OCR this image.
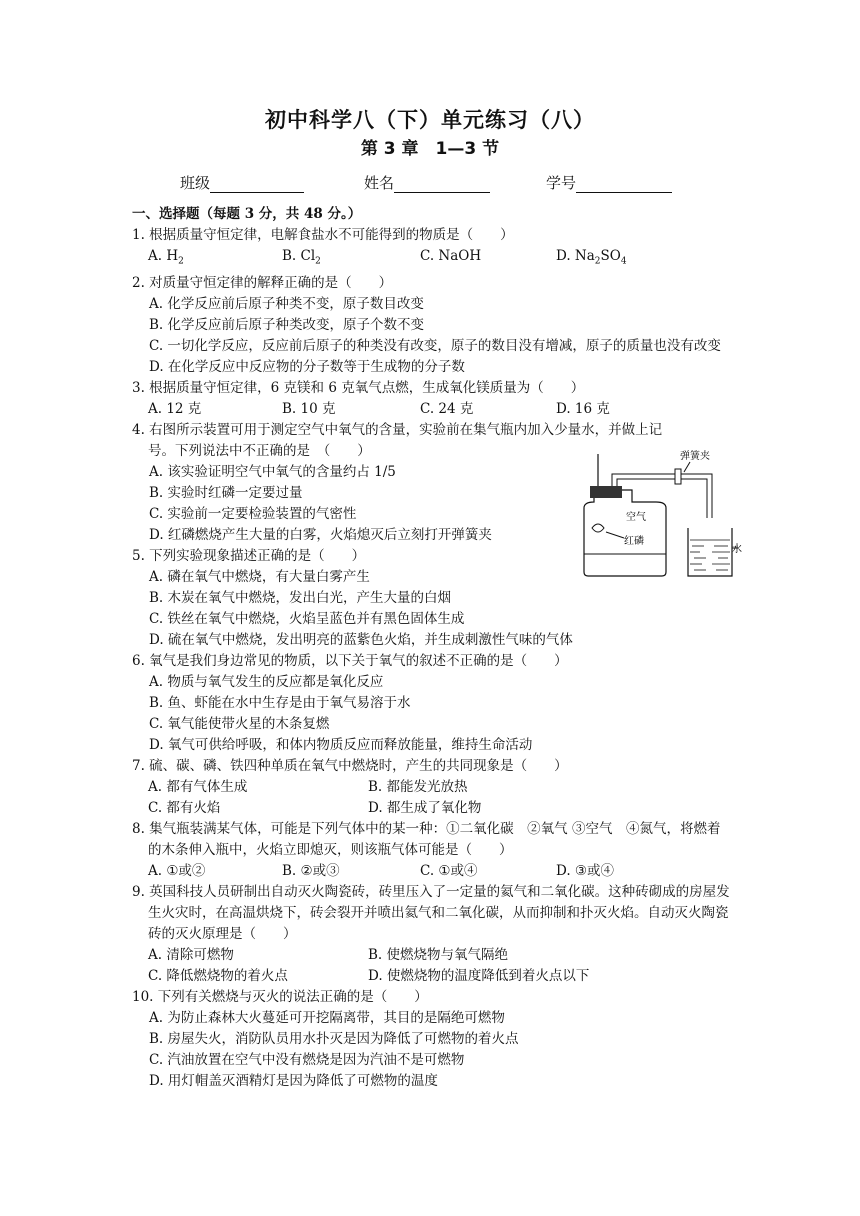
初中科学八（下）单元练习（八）
第 3 章　1—3 节
班级	姓名	学号
一、选择题（每题 3 分，共 48 分。）
1. 根据质量守恒定律，电解食盐水不可能得到的物质是（　　）
A. $H_2$	B. $Cl_2$	C. NaOH	D. $Na_2SO_4$
2. 对质量守恒定律的解释正确的是（　　）
A. 化学反应前后原子种类不变，原子数目改变
B. 化学反应前后原子种类改变，原子个数不变
C. 一切化学反应，反应前后原子的种类没有改变，原子的数目没有增减，原子的质量也没有改变
D. 在化学反应中反应物的分子数等于生成物的分子数
3. 根据质量守恒定律，6 克镁和 6 克氧气点燃，生成氧化镁质量为（　　）
A. 12 克	B. 10 克	C. 24 克	D. 16 克
4. 右图所示装置可用于测定空气中氧气的含量，实验前在集气瓶内加入少量水，并做上记
号。下列说法中不正确的是　（　　）
A. 该实验证明空气中氧气的含量约占 1/5
B. 实验时红磷一定要过量
C. 实验前一定要检验装置的气密性
D. 红磷燃烧产生大量的白雾，火焰熄灭后立刻打开弹簧夹
弹簧夹
空气
红磷
水
5. 下列实验现象描述正确的是（　　）
A. 磷在氧气中燃烧，有大量白雾产生
B. 木炭在氧气中燃烧，发出白光，产生大量的白烟
C. 铁丝在氧气中燃烧，火焰呈蓝色并有黑色固体生成
D. 硫在氧气中燃烧，发出明亮的蓝紫色火焰，并生成刺激性气味的气体
6. 氧气是我们身边常见的物质，以下关于氧气的叙述不正确的是（　　）
A. 物质与氧气发生的反应都是氧化反应
B. 鱼、虾能在水中生存是由于氧气易溶于水
C. 氧气能使带火星的木条复燃
D. 氧气可供给呼吸，和体内物质反应而释放能量，维持生命活动
7. 硫、碳、磷、铁四种单质在氧气中燃烧时，产生的共同现象是（　　）
A. 都有气体生成	B. 都能发光放热
C. 都有火焰	D. 都生成了氧化物
8. 集气瓶装满某气体，可能是下列气体中的某一种：①二氧化碳　②氧气 ③空气　④氮气，将燃着的木条伸入瓶中，火焰立即熄灭，则该瓶气体可能是（　　）
A. ①或②	B. ②或③	C. ①或④	D. ③或④
9. 英国科技人员研制出自动灭火陶瓷砖，砖里压入了一定量的氦气和二氧化碳。这种砖砌成的房屋发生火灾时，在高温烘烧下，砖会裂开并喷出氦气和二氧化碳，从而抑制和扑灭火焰。自动灭火陶瓷砖的灭火原理是（　　）
A. 清除可燃物	B. 使燃烧物与氧气隔绝
C. 降低燃烧物的着火点	D. 使燃烧物的温度降低到着火点以下
10. 下列有关燃烧与灭火的说法正确的是（　　）
A. 为防止森林大火蔓延可开挖隔离带，其目的是隔绝可燃物
B. 房屋失火，消防队员用水扑灭是因为降低了可燃物的着火点
C. 汽油放置在空气中没有燃烧是因为汽油不是可燃物
D. 用灯帽盖灭酒精灯是因为降低了可燃物的温度
